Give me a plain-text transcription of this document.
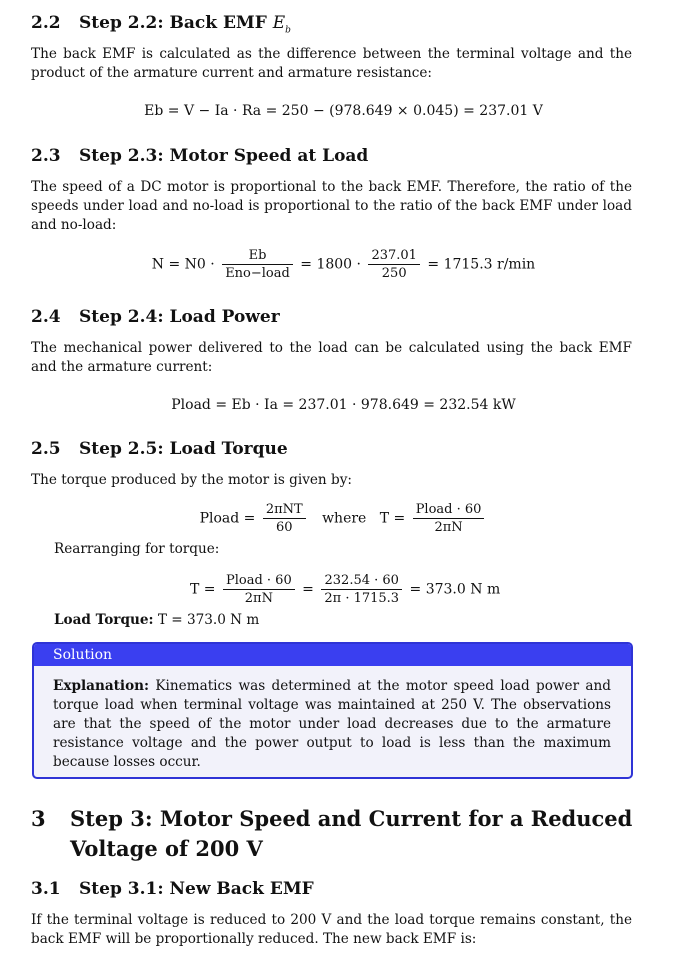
2.2 Step 2.2: Back EMF $E_b$
The back EMF is calculated as the difference between the terminal voltage and the product of the armature current and armature resistance:
Eb = V − Ia · Ra = 250 − (978.649 × 0.045) = 237.01 V
2.3 Step 2.3: Motor Speed at Load
The speed of a DC motor is proportional to the back EMF. Therefore, the ratio of the speeds under load and no-load is proportional to the ratio of the back EMF under load and no-load:
$N = N0 \cdot \frac{Eb}{\text{Eno−load}} = 1800 \cdot \frac{237.01}{250} = 1715.3$ r/min
2.4 Step 2.4: Load Power
The mechanical power delivered to the load can be calculated using the back EMF and the armature current:
Pload = Eb · Ia = 237.01 · 978.649 = 232.54 kW
2.5 Step 2.5: Load Torque
The torque produced by the motor is given by:
Pload = $\frac{\text{2πNT}}{60}$ where $T = \frac{\text{Pload · 60}}{2\pi N}$
Rearranging for torque:
$T = \frac{\text{Pload · 60}}{2\pi N} = \frac{232.54 \cdot 60}{2\pi \cdot 1715.3} = 373.0$ N m
Load Torque: T = 373.0 N m
Solution
Explanation: Kinematics was determined at the motor speed load power and torque load when terminal voltage was maintained at 250 V. The observations are that the speed of the motor under load decreases due to the armature resistance voltage and the power output to load is less than the maximum because losses occur.
3 Step 3: Motor Speed and Current for a Reduced
Voltage of 200 V
3.1 Step 3.1: New Back EMF
If the terminal voltage is reduced to 200 V and the load torque remains constant, the back EMF will be proportionally reduced. The new back EMF is:
